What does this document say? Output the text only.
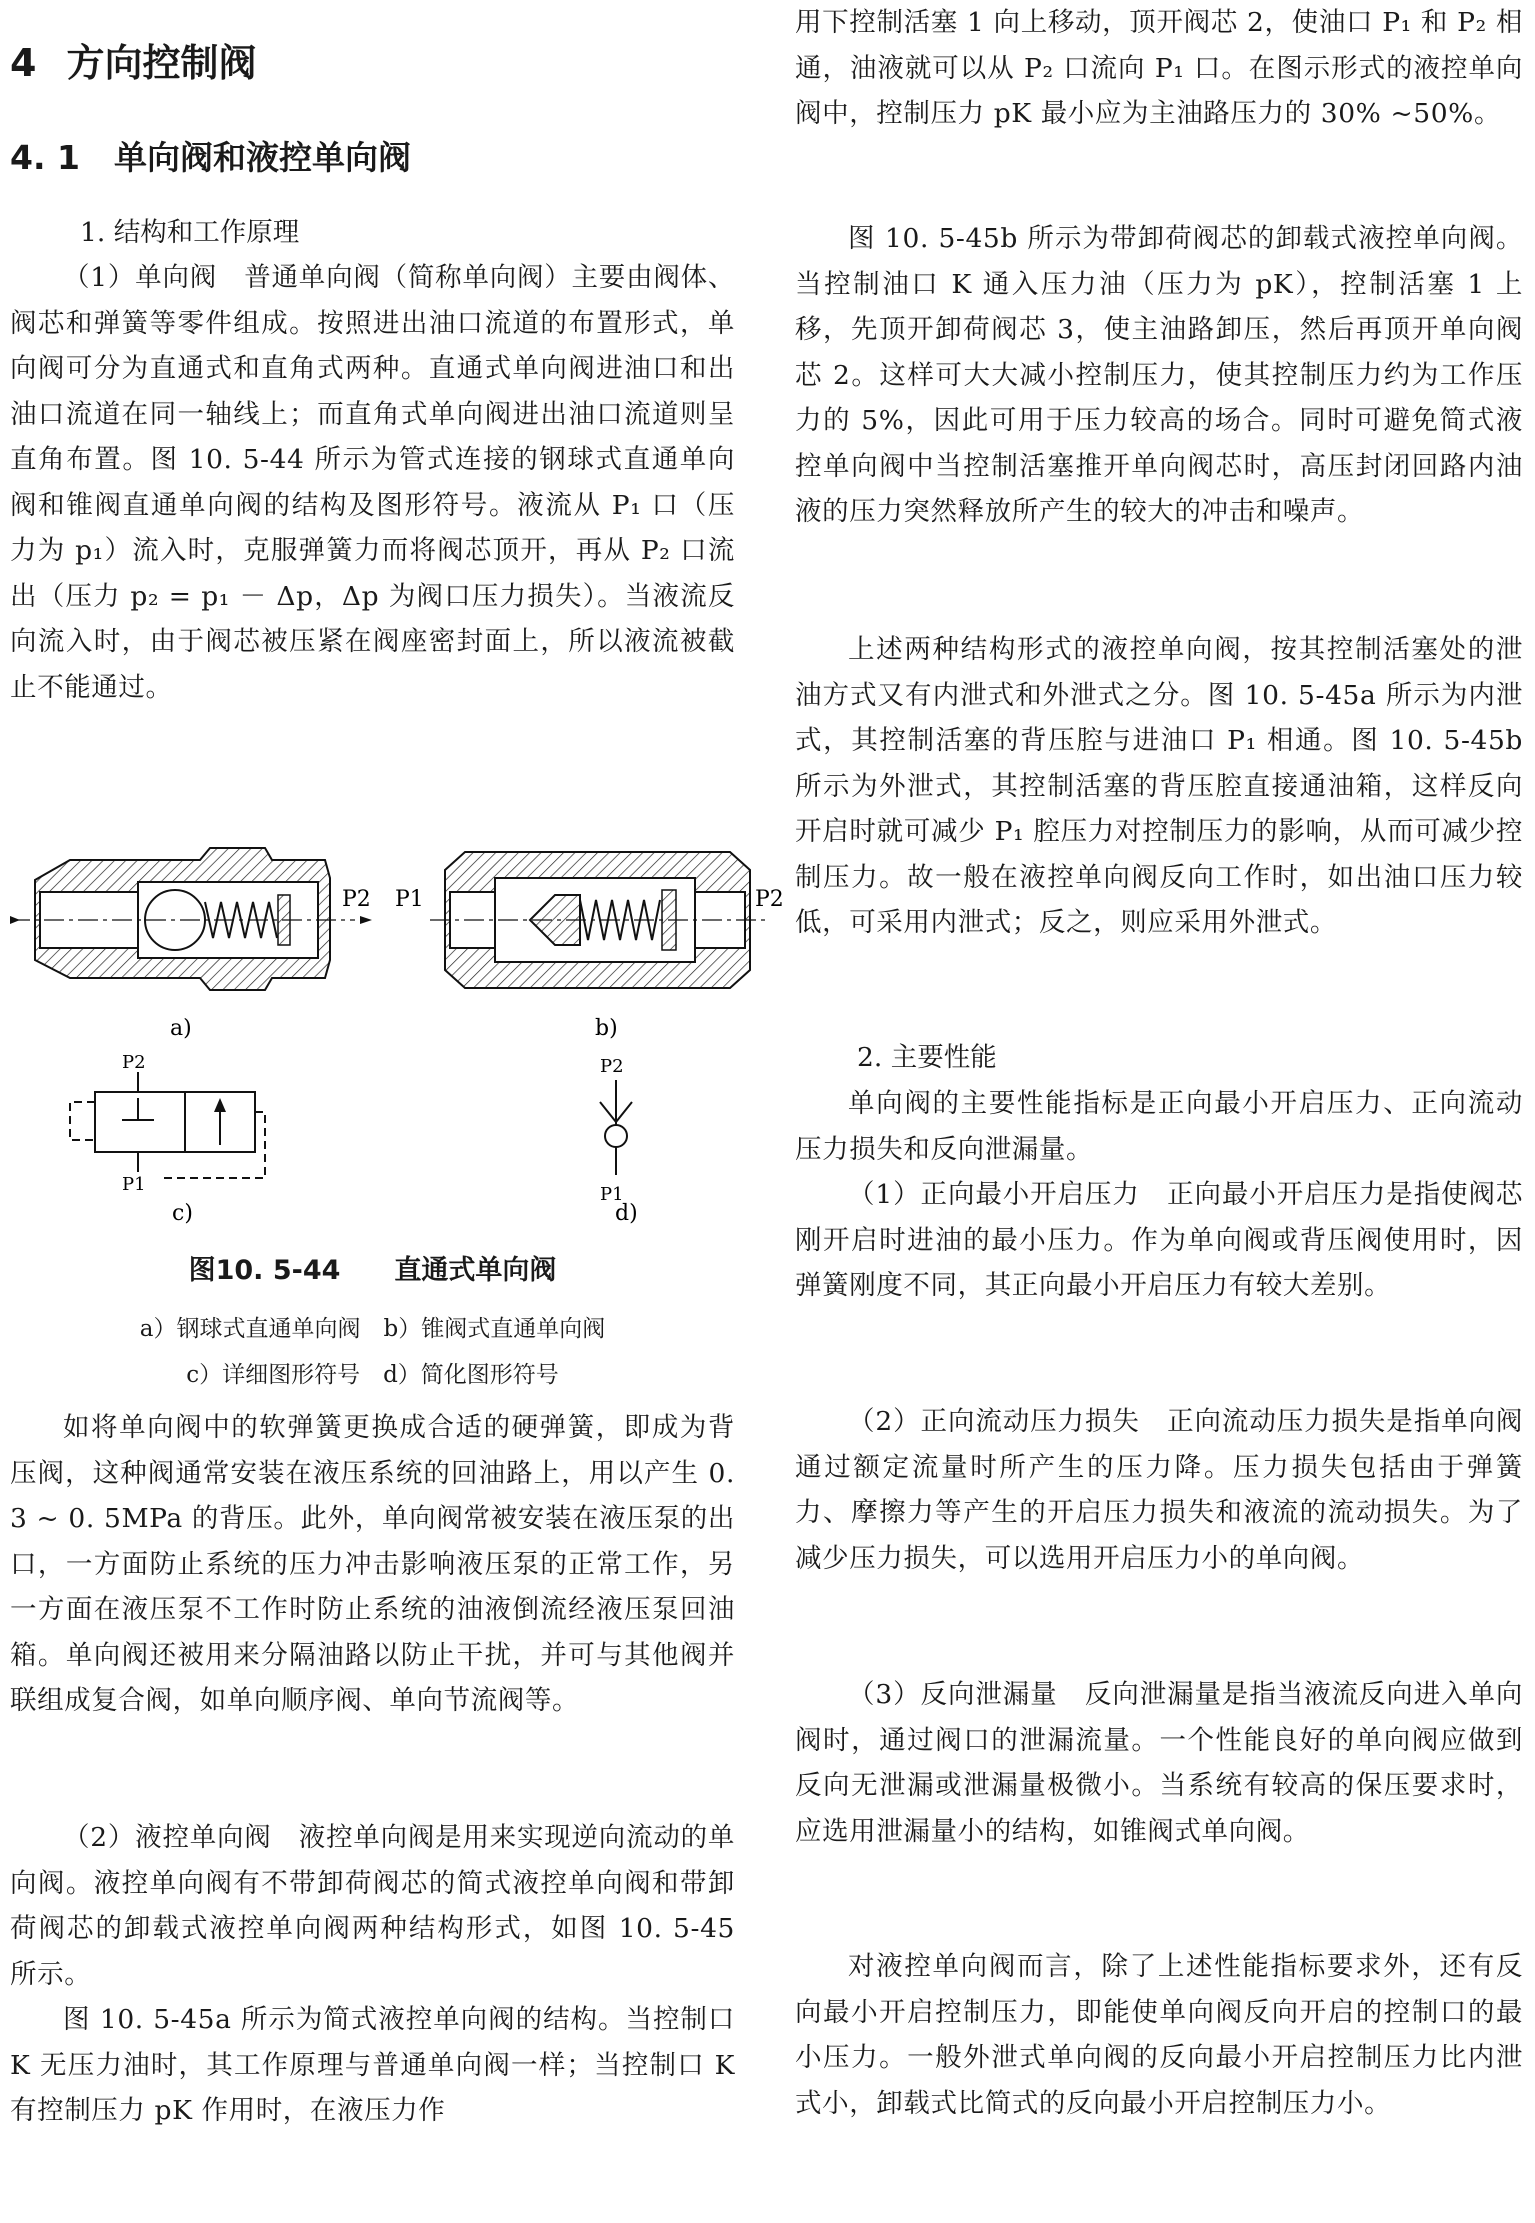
4 方向控制阀
4. 1 单向阀和液控单向阀
1. 结构和工作原理
（1）单向阀　普通单向阀（简称单向阀）主要由阀体、阀芯和弹簧等零件组成。按照进出油口流道的布置形式，单向阀可分为直通式和直角式两种。直通式单向阀进油口和出油口流道在同一轴线上；而直角式单向阀进出油口流道则呈直角布置。图 10. 5-44 所示为管式连接的钢球式直通单向阀和锥阀直通单向阀的结构及图形符号。液流从 P₁ 口（压力为 p₁）流入时，克服弹簧力而将阀芯顶开，再从 P₂ 口流出（压力 p₂ = p₁ － Δp，Δp 为阀口压力损失）。当液流反向流入时，由于阀芯被压紧在阀座密封面上，所以液流被截止不能通过。
P2 P1	P2
a)	b)
P2
P1
c)
P2
P1
d)
图10. 5-44　　直通式单向阀
a）钢球式直通单向阀　b）锥阀式直通单向阀
c）详细图形符号　d）简化图形符号
如将单向阀中的软弹簧更换成合适的硬弹簧，即成为背压阀，这种阀通常安装在液压系统的回油路上，用以产生 0. 3 ~ 0. 5MPa 的背压。此外，单向阀常被安装在液压泵的出口，一方面防止系统的压力冲击影响液压泵的正常工作，另一方面在液压泵不工作时防止系统的油液倒流经液压泵回油箱。单向阀还被用来分隔油路以防止干扰，并可与其他阀并联组成复合阀，如单向顺序阀、单向节流阀等。
（2）液控单向阀　液控单向阀是用来实现逆向流动的单向阀。液控单向阀有不带卸荷阀芯的简式液控单向阀和带卸荷阀芯的卸载式液控单向阀两种结构形式，如图 10. 5-45 所示。
图 10. 5-45a 所示为简式液控单向阀的结构。当控制口 K 无压力油时，其工作原理与普通单向阀一样；当控制口 K 有控制压力 pK 作用时，在液压力作
用下控制活塞 1 向上移动，顶开阀芯 2，使油口 P₁ 和 P₂ 相通，油液就可以从 P₂ 口流向 P₁ 口。在图示形式的液控单向阀中，控制压力 pK 最小应为主油路压力的 30% ~50%。
图 10. 5-45b 所示为带卸荷阀芯的卸载式液控单向阀。当控制油口 K 通入压力油（压力为 pK），控制活塞 1 上移，先顶开卸荷阀芯 3，使主油路卸压，然后再顶开单向阀芯 2。这样可大大减小控制压力，使其控制压力约为工作压力的 5%，因此可用于压力较高的场合。同时可避免简式液控单向阀中当控制活塞推开单向阀芯时，高压封闭回路内油液的压力突然释放所产生的较大的冲击和噪声。
上述两种结构形式的液控单向阀，按其控制活塞处的泄油方式又有内泄式和外泄式之分。图 10. 5-45a 所示为内泄式，其控制活塞的背压腔与进油口 P₁ 相通。图 10. 5-45b 所示为外泄式，其控制活塞的背压腔直接通油箱，这样反向开启时就可减少 P₁ 腔压力对控制压力的影响，从而可减少控制压力。故一般在液控单向阀反向工作时，如出油口压力较低，可采用内泄式；反之，则应采用外泄式。
2. 主要性能
单向阀的主要性能指标是正向最小开启压力、正向流动压力损失和反向泄漏量。
（1）正向最小开启压力　正向最小开启压力是指使阀芯刚开启时进油的最小压力。作为单向阀或背压阀使用时，因弹簧刚度不同，其正向最小开启压力有较大差别。
（2）正向流动压力损失　正向流动压力损失是指单向阀通过额定流量时所产生的压力降。压力损失包括由于弹簧力、摩擦力等产生的开启压力损失和液流的流动损失。为了减少压力损失，可以选用开启压力小的单向阀。
（3）反向泄漏量　反向泄漏量是指当液流反向进入单向阀时，通过阀口的泄漏流量。一个性能良好的单向阀应做到反向无泄漏或泄漏量极微小。当系统有较高的保压要求时，应选用泄漏量小的结构，如锥阀式单向阀。
对液控单向阀而言，除了上述性能指标要求外，还有反向最小开启控制压力，即能使单向阀反向开启的控制口的最小压力。一般外泄式单向阀的反向最小开启控制压力比内泄式小，卸载式比简式的反向最小开启控制压力小。
